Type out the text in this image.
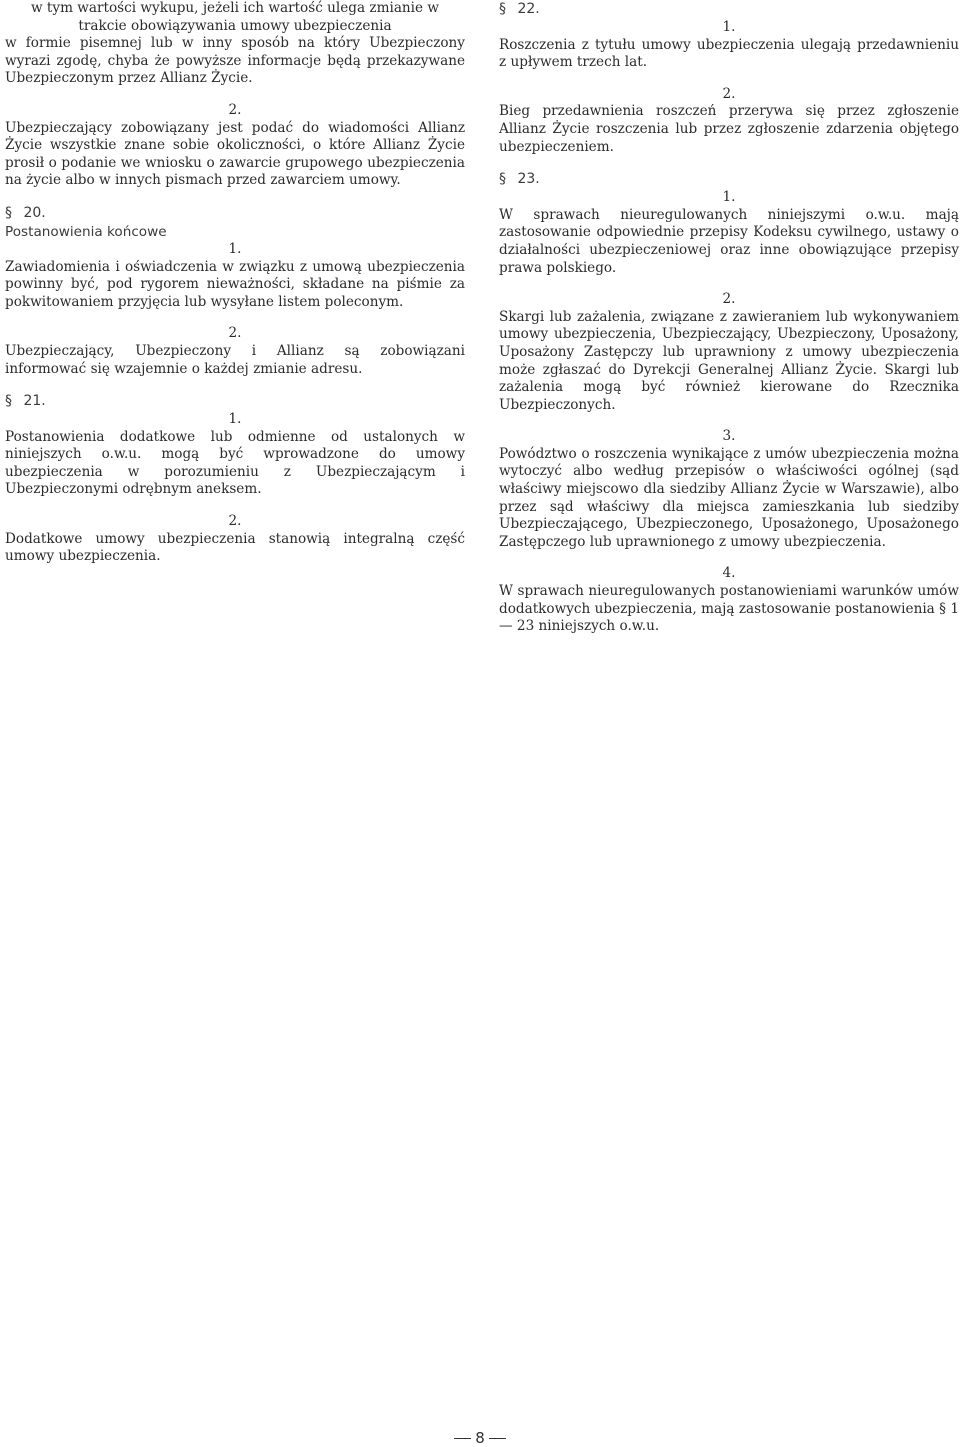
w tym wartości wykupu, jeżeli ich wartość ulega zmianie w trakcie obowiązywania umowy ubezpieczenia

w formie pisemnej lub w inny sposób na który Ubezpieczony wyrazi zgodę, chyba że powyższe informacje będą przekazywane Ubezpieczonym przez Allianz Życie.

2.

Ubezpieczający zobowiązany jest podać do wiadomości Allianz Życie wszystkie znane sobie okoliczności, o które Allianz Życie prosił o podanie we wniosku o zawarcie grupowego ubezpieczenia na życie albo w innych pismach przed zawarciem umowy.

§ 20.

Postanowienia końcowe

1.

Zawiadomienia i oświadczenia w związku z umową ubezpieczenia powinny być, pod rygorem nieważności, składane na piśmie za pokwitowaniem przyjęcia lub wysyłane listem poleconym.

2.

Ubezpieczający, Ubezpieczony i Allianz są zobowiązani informować się wzajemnie o każdej zmianie adresu.

§ 21.

1.

Postanowienia dodatkowe lub odmienne od ustalonych w niniejszych o.w.u. mogą być wprowadzone do umowy ubezpieczenia w porozumieniu z Ubezpieczającym i Ubezpieczonymi odrębnym aneksem.

2.

Dodatkowe umowy ubezpieczenia stanowią integralną część umowy ubezpieczenia.

§ 22.

1.

Roszczenia z tytułu umowy ubezpieczenia ulegają przedawnieniu z upływem trzech lat.

2.

Bieg przedawnienia roszczeń przerywa się przez zgłoszenie Allianz Życie roszczenia lub przez zgłoszenie zdarzenia objętego ubezpieczeniem.

§ 23.

1.

W sprawach nieuregulowanych niniejszymi o.w.u. mają zastosowanie odpowiednie przepisy Kodeksu cywilnego, ustawy o działalności ubezpieczeniowej oraz inne obowiązujące przepisy prawa polskiego.

2.

Skargi lub zażalenia, związane z zawieraniem lub wykonywaniem umowy ubezpieczenia, Ubezpieczający, Ubezpieczony, Uposażony, Uposażony Zastępczy lub uprawniony z umowy ubezpieczenia może zgłaszać do Dyrekcji Generalnej Allianz Życie. Skargi lub zażalenia mogą być również kierowane do Rzecznika Ubezpieczonych.

3.

Powództwo o roszczenia wynikające z umów ubezpieczenia można wytoczyć albo według przepisów o właściwości ogólnej (sąd właściwy miejscowo dla siedziby Allianz Życie w Warszawie), albo przez sąd właściwy dla miejsca zamieszkania lub siedziby Ubezpieczającego, Ubezpieczonego, Uposażonego, Uposażonego Zastępczego lub uprawnionego z umowy ubezpieczenia.

4.

W sprawach nieuregulowanych postanowieniami warunków umów dodatkowych ubezpieczenia, mają zastosowanie postanowienia § 1 — 23 niniejszych o.w.u.

8
